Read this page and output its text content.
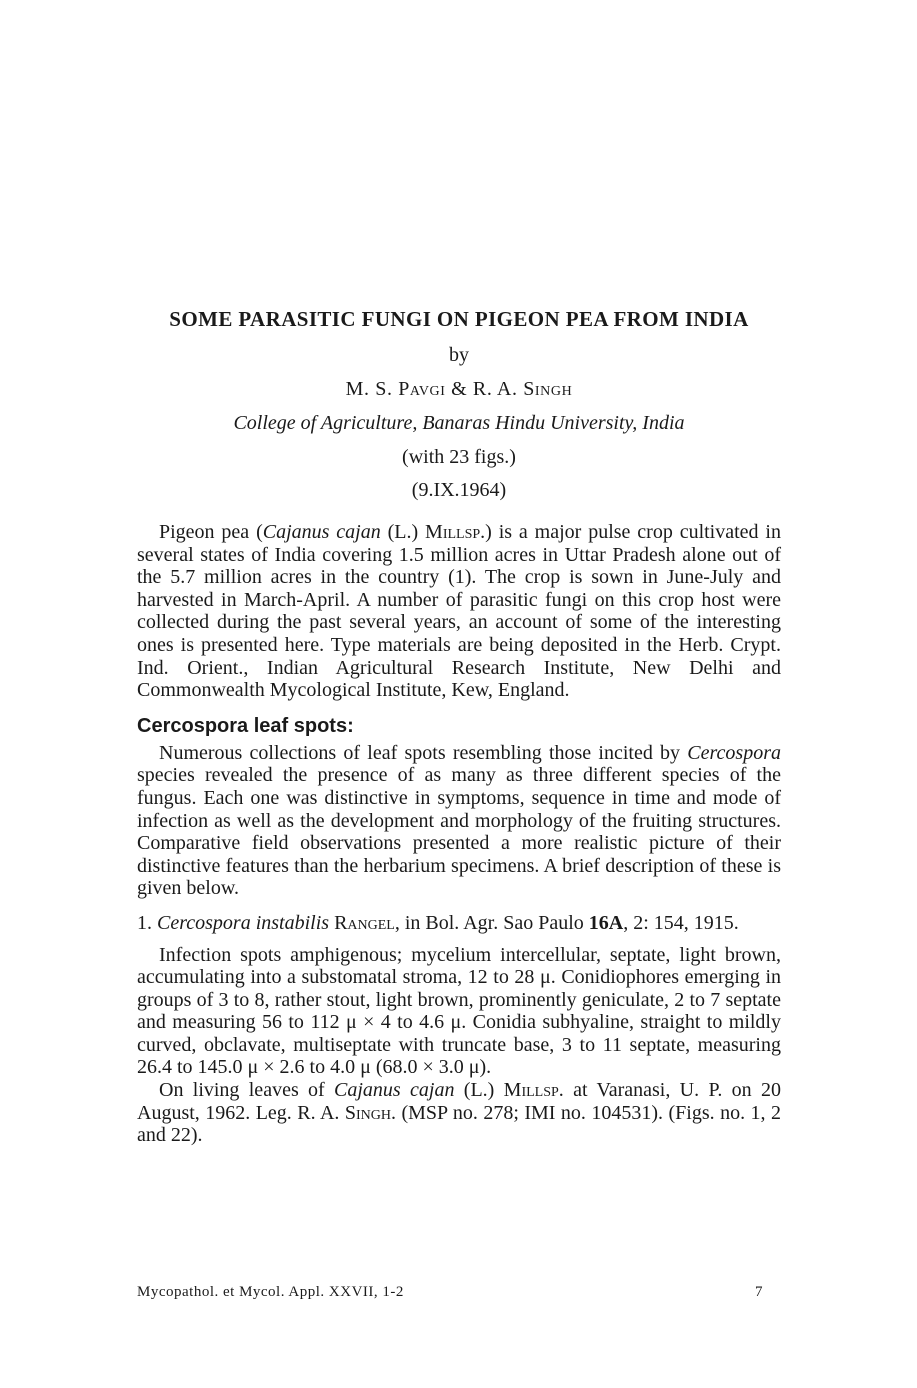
SOME PARASITIC FUNGI ON PIGEON PEA FROM INDIA
by
M. S. Pavgi & R. A. Singh
College of Agriculture, Banaras Hindu University, India
(with 23 figs.)
(9.IX.1964)

Pigeon pea (Cajanus cajan (L.) Millsp.) is a major pulse crop cultivated in several states of India covering 1.5 million acres in Uttar Pradesh alone out of the 5.7 million acres in the country (1). The crop is sown in June-July and harvested in March-April. A number of parasitic fungi on this crop host were collected during the past several years, an account of some of the interesting ones is presented here. Type materials are being deposited in the Herb. Crypt. Ind. Orient., Indian Agricultural Research Institute, New Delhi and Commonwealth Mycological Institute, Kew, England.

Cercospora leaf spots:

Numerous collections of leaf spots resembling those incited by Cercospora species revealed the presence of as many as three different species of the fungus. Each one was distinctive in symptoms, sequence in time and mode of infection as well as the development and morphology of the fruiting structures. Comparative field observations presented a more realistic picture of their distinctive features than the herbarium specimens. A brief description of these is given below.

1. Cercospora instabilis Rangel, in Bol. Agr. Sao Paulo 16A, 2: 154, 1915.

Infection spots amphigenous; mycelium intercellular, septate, light brown, accumulating into a substomatal stroma, 12 to 28 μ. Conidiophores emerging in groups of 3 to 8, rather stout, light brown, prominently geniculate, 2 to 7 septate and measuring 56 to 112 μ × 4 to 4.6 μ. Conidia subhyaline, straight to mildly curved, obclavate, multiseptate with truncate base, 3 to 11 septate, measuring 26.4 to 145.0 μ × 2.6 to 4.0 μ (68.0 × 3.0 μ).

On living leaves of Cajanus cajan (L.) Millsp. at Varanasi, U. P. on 20 August, 1962. Leg. R. A. Singh. (MSP no. 278; IMI no. 104531). (Figs. no. 1, 2 and 22).

Mycopathol. et Mycol. Appl. XXVII, 1-2	7
